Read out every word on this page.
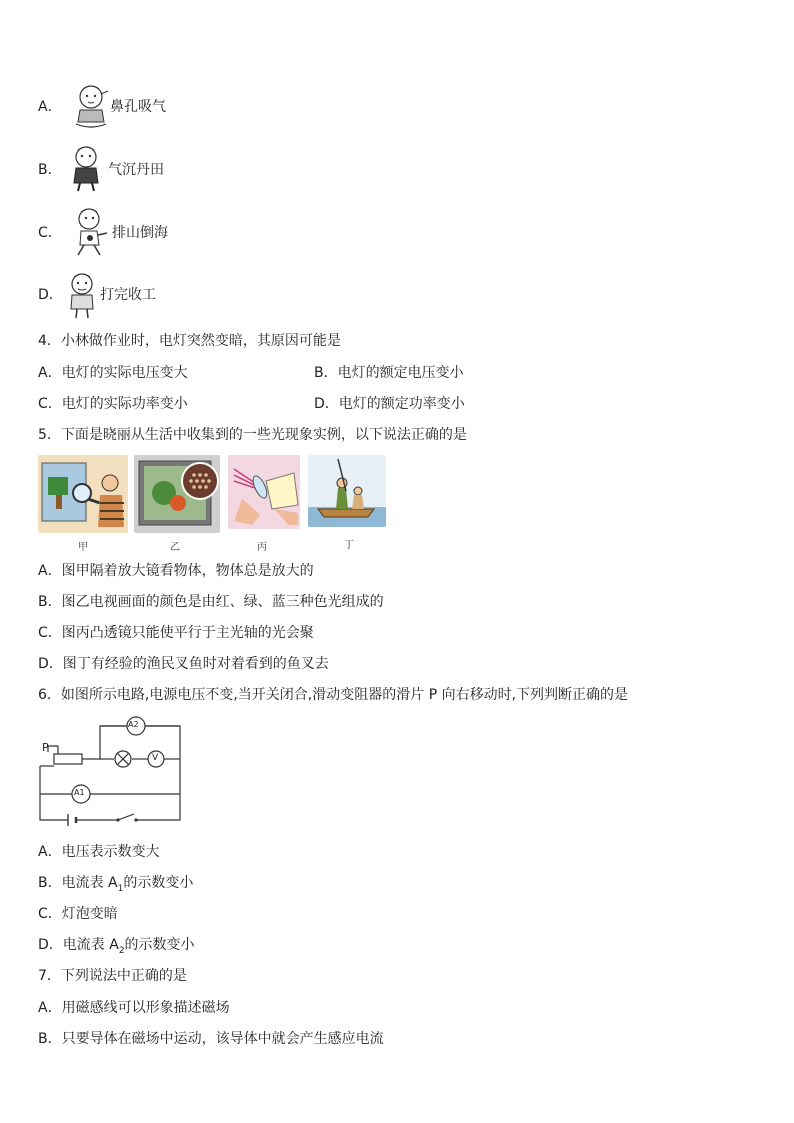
A．	鼻孔吸气
B．	气沉丹田
C．	排山倒海
D．	打完收工
4．小林做作业时，电灯突然变暗，其原因可能是
A．电灯的实际电压变大	B．电灯的额定电压变小
C．电灯的实际功率变小	D．电灯的额定功率变小
5．下面是晓丽从生活中收集到的一些光现象实例，以下说法正确的是
甲	乙	丙	丁
A．图甲隔着放大镜看物体，物体总是放大的
B．图乙电视画面的颜色是由红、绿、蓝三种色光组成的
C．图丙凸透镜只能使平行于主光轴的光会聚
D．图丁有经验的渔民叉鱼时对着看到的鱼叉去
6．如图所示电路,电源电压不变,当开关闭合,滑动变阻器的滑片 P 向右移动时,下列判断正确的是
P
A2
V
A1
A．电压表示数变大
B．电流表 $A_1$的示数变小
C．灯泡变暗
D．电流表 $A_2$的示数变小
7．下列说法中正确的是
A．用磁感线可以形象描述磁场
B．只要导体在磁场中运动，该导体中就会产生感应电流
